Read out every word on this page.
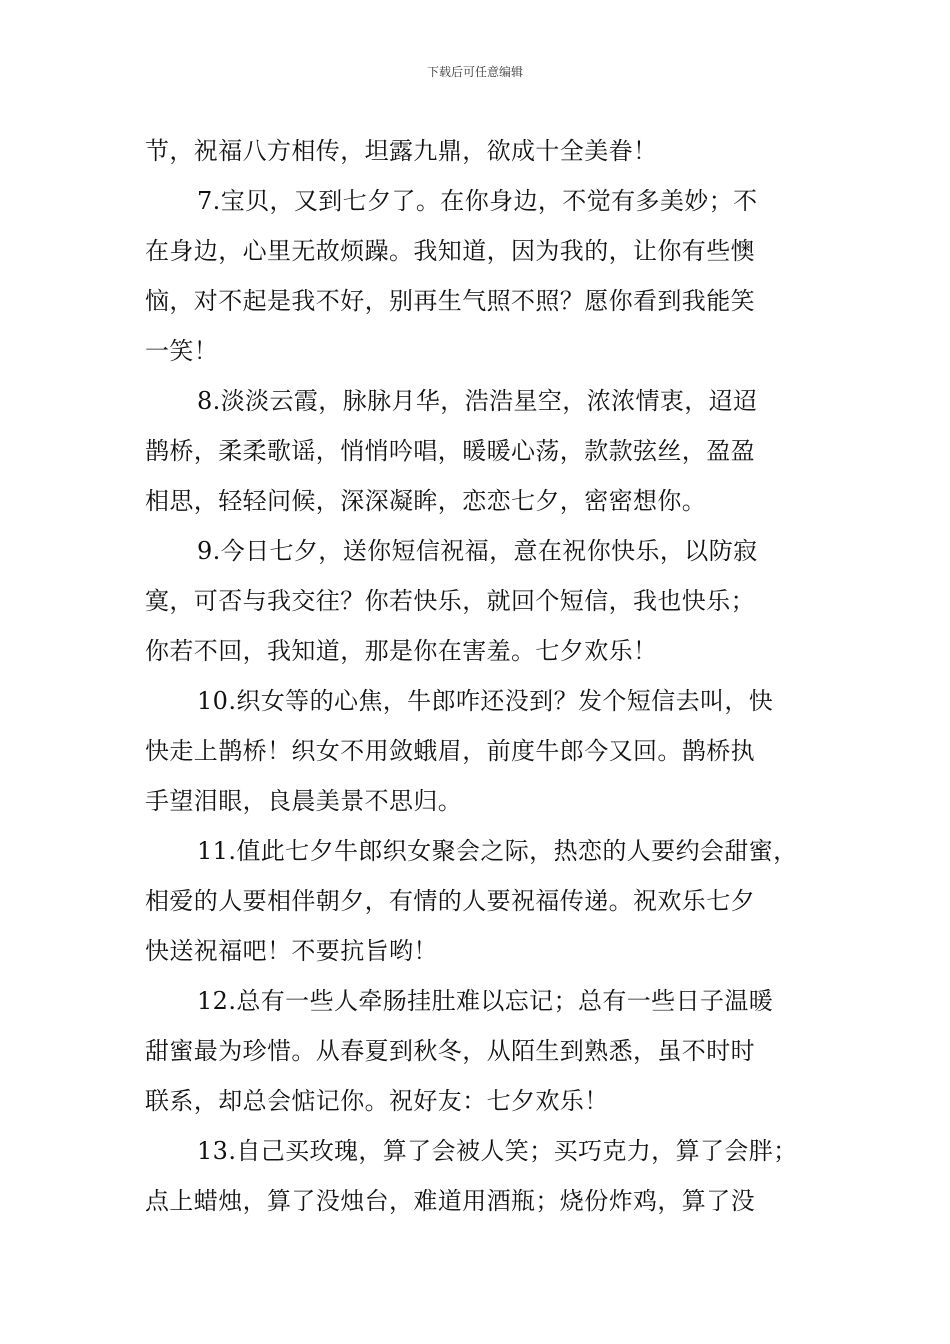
下载后可任意编辑
节，祝福八方相传，坦露九鼎，欲成十全美眷！
7.宝贝，又到七夕了。在你身边，不觉有多美妙；不
在身边，心里无故烦躁。我知道，因为我的，让你有些懊
恼，对不起是我不好，别再生气照不照？愿你看到我能笑
一笑！
8.淡淡云霞，脉脉月华，浩浩星空，浓浓情衷，迢迢
鹊桥，柔柔歌谣，悄悄吟唱，暖暖心荡，款款弦丝，盈盈
相思，轻轻问候，深深凝眸，恋恋七夕，密密想你。
9.今日七夕，送你短信祝福，意在祝你快乐，以防寂
寞，可否与我交往？你若快乐，就回个短信，我也快乐；
你若不回，我知道，那是你在害羞。七夕欢乐！
10.织女等的心焦，牛郎咋还没到？发个短信去叫，快
快走上鹊桥！织女不用敛蛾眉，前度牛郎今又回。鹊桥执
手望泪眼，良晨美景不思归。
11.值此七夕牛郎织女聚会之际，热恋的人要约会甜蜜，
相爱的人要相伴朝夕，有情的人要祝福传递。祝欢乐七夕
快送祝福吧！不要抗旨哟！
12.总有一些人牵肠挂肚难以忘记；总有一些日子温暖
甜蜜最为珍惜。从春夏到秋冬，从陌生到熟悉，虽不时时
联系，却总会惦记你。祝好友：七夕欢乐！
13.自己买玫瑰，算了会被人笑；买巧克力，算了会胖；
点上蜡烛，算了没烛台，难道用酒瓶；烧份炸鸡，算了没
